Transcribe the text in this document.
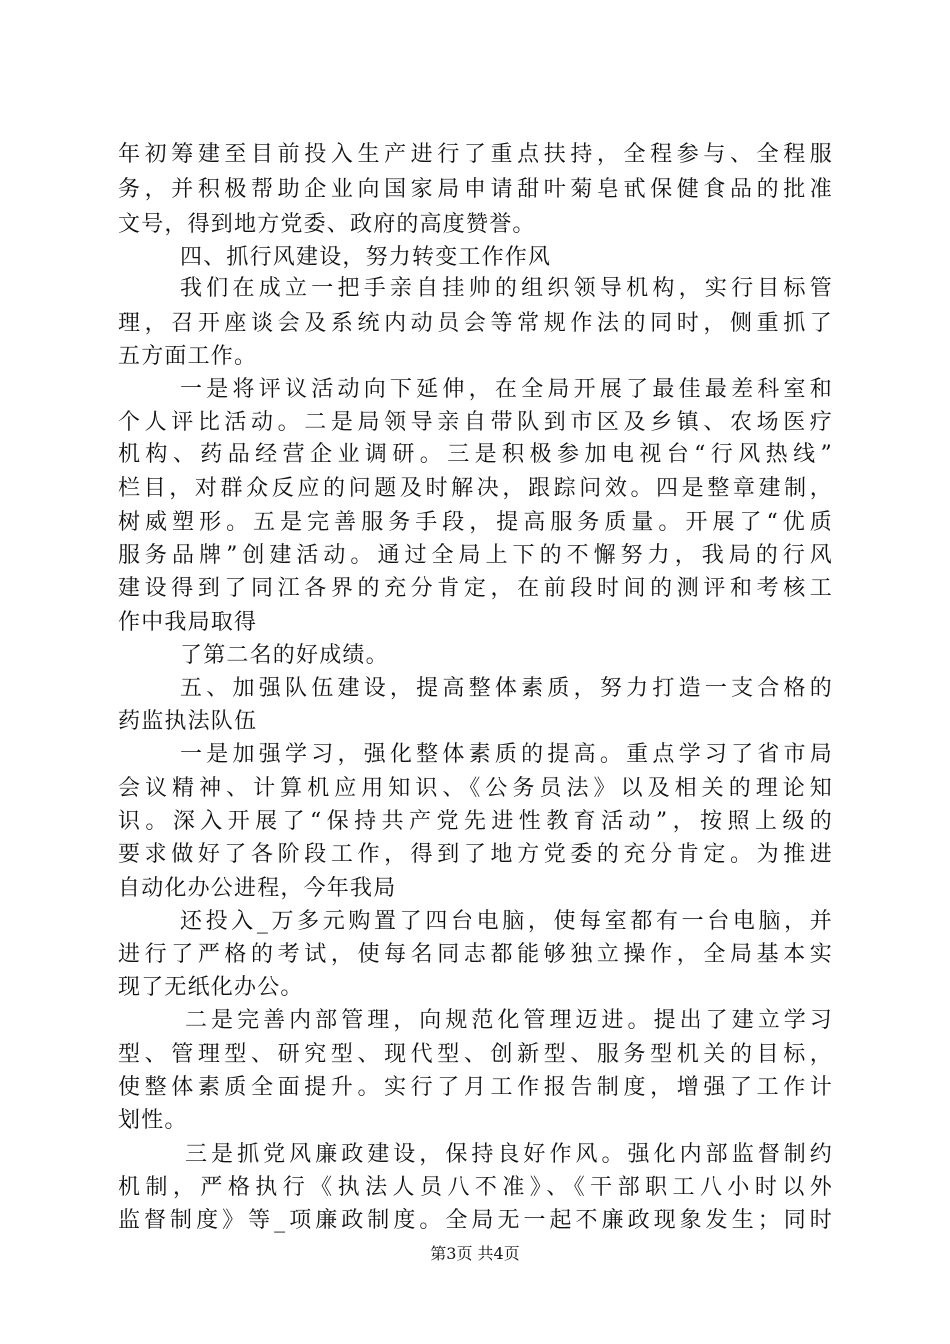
年初筹建至目前投入生产进行了重点扶持，全程参与、全程服
务，并积极帮助企业向国家局申请甜叶菊皂甙保健食品的批准
文号，得到地方党委、政府的高度赞誉。
四、抓行风建设，努力转变工作作风
我们在成立一把手亲自挂帅的组织领导机构，实行目标管
理，召开座谈会及系统内动员会等常规作法的同时，侧重抓了
五方面工作。
一是将评议活动向下延伸，在全局开展了最佳最差科室和
个人评比活动。二是局领导亲自带队到市区及乡镇、农场医疗
机构、药品经营企业调研。三是积极参加电视台“行风热线”
栏目，对群众反应的问题及时解决，跟踪问效。四是整章建制，
树威塑形。五是完善服务手段，提高服务质量。开展了“优质
服务品牌”创建活动。通过全局上下的不懈努力，我局的行风
建设得到了同江各界的充分肯定，在前段时间的测评和考核工
作中我局取得
了第二名的好成绩。
五、加强队伍建设，提高整体素质，努力打造一支合格的
药监执法队伍
一是加强学习，强化整体素质的提高。重点学习了省市局
会议精神、计算机应用知识、《公务员法》以及相关的理论知
识。深入开展了“保持共产党先进性教育活动”，按照上级的
要求做好了各阶段工作，得到了地方党委的充分肯定。为推进
自动化办公进程，今年我局
还投入_万多元购置了四台电脑，使每室都有一台电脑，并
进行了严格的考试，使每名同志都能够独立操作，全局基本实
现了无纸化办公。
二是完善内部管理，向规范化管理迈进。提出了建立学习
型、管理型、研究型、现代型、创新型、服务型机关的目标，
使整体素质全面提升。实行了月工作报告制度，增强了工作计
划性。
三是抓党风廉政建设，保持良好作风。强化内部监督制约
机制，严格执行《执法人员八不准》、《干部职工八小时以外
监督制度》等_项廉政制度。全局无一起不廉政现象发生；同时
第3页 共4页
